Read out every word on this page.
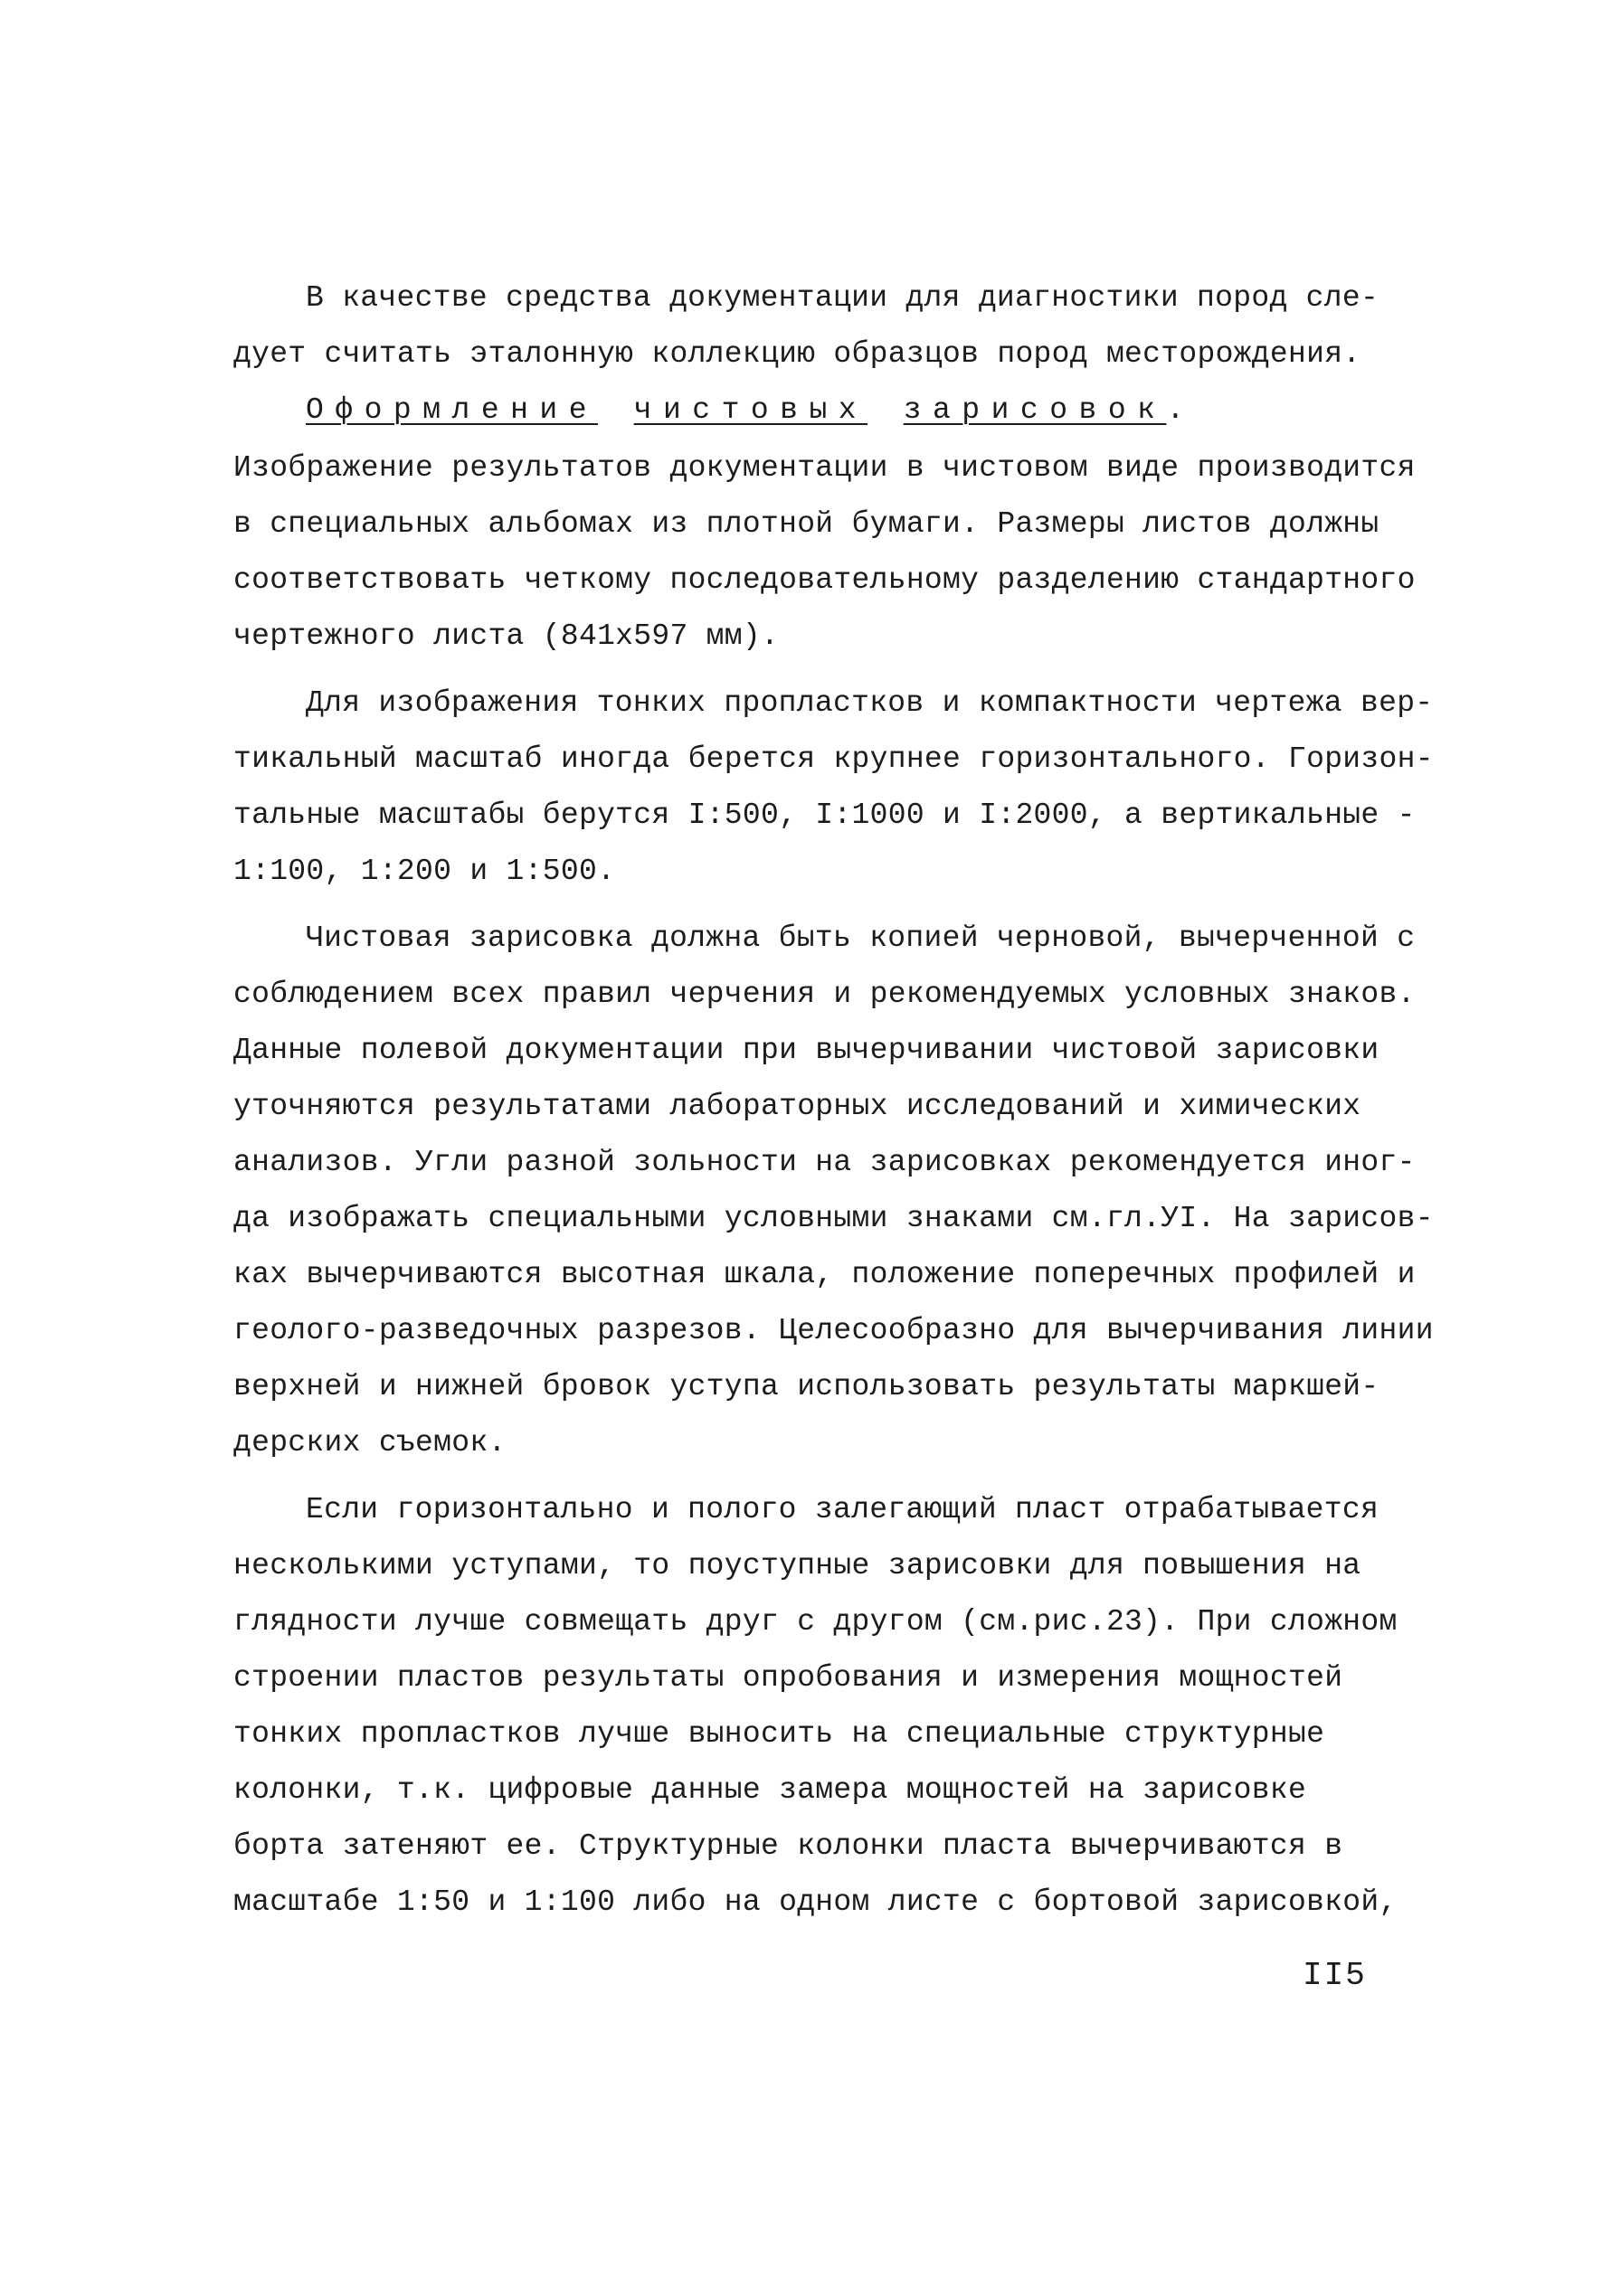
В качестве средства документации для диагностики пород сле-
дует считать эталонную коллекцию образцов пород месторождения.
Оформление чистовых зарисовок.
Изображение результатов документации в чистовом виде производится
в специальных альбомах из плотной бумаги. Размеры листов должны
соответствовать четкому последовательному разделению стандартного
чертежного листа (841х597 мм).
Для изображения тонких пропластков и компактности чертежа вер-
тикальный масштаб иногда берется крупнее горизонтального. Горизон-
тальные масштабы берутся I:500, I:1000 и I:2000, а вертикальные -
1:100, 1:200 и 1:500.
Чистовая зарисовка должна быть копией черновой, вычерченной с
соблюдением всех правил черчения и рекомендуемых условных знаков.
Данные полевой документации при вычерчивании чистовой зарисовки
уточняются результатами лабораторных исследований и химических
анализов. Угли разной зольности на зарисовках рекомендуется иног-
да изображать специальными условными знаками см.гл.УI. На зарисов-
ках вычерчиваются высотная шкала, положение поперечных профилей и
геолого-разведочных разрезов. Целесообразно для вычерчивания линии
верхней и нижней бровок уступа использовать результаты маркшей-
дерских съемок.
Если горизонтально и полого залегающий пласт отрабатывается
несколькими уступами, то поуступные зарисовки для повышения на
глядности лучше совмещать друг с другом (см.рис.23). При сложном
строении пластов результаты опробования и измерения мощностей
тонких пропластков лучше выносить на специальные структурные
колонки, т.к. цифровые данные замера мощностей на зарисовке
борта затеняют ее. Структурные колонки пласта вычерчиваются в
масштабе 1:50 и 1:100 либо на одном листе с бортовой зарисовкой,
II5
